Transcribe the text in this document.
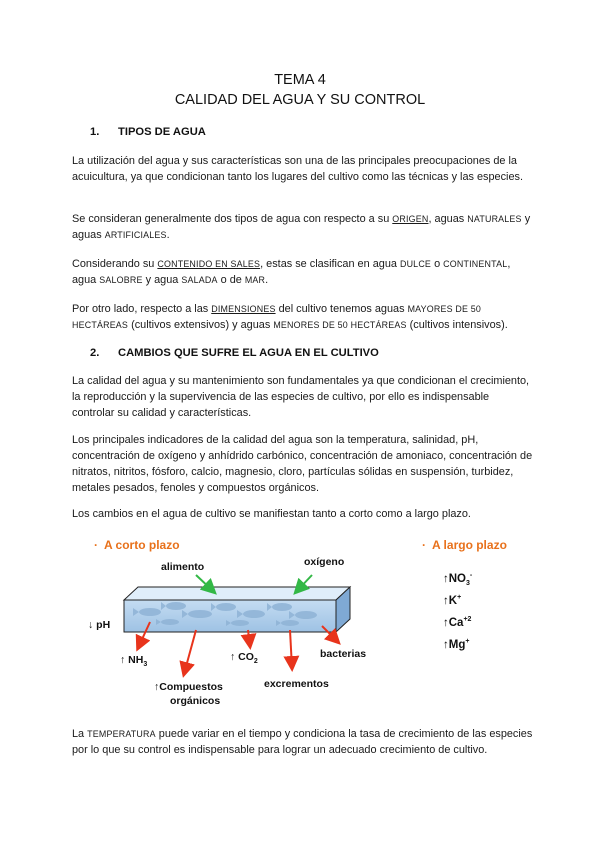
TEMA 4
CALIDAD DEL AGUA Y SU CONTROL
1. TIPOS DE AGUA
La utilización del agua y sus características son una de las principales preocupaciones de la acuicultura, ya que condicionan tanto los lugares del cultivo como las técnicas y las especies.
Se consideran generalmente dos tipos de agua con respecto a su ORIGEN, aguas NATURALES y aguas ARTIFICIALES.
Considerando su CONTENIDO EN SALES, estas se clasifican en agua DULCE o CONTINENTAL, agua SALOBRE y agua SALADA o de MAR.
Por otro lado, respecto a las DIMENSIONES del cultivo tenemos aguas MAYORES DE 50 HECTÁREAS (cultivos extensivos) y aguas MENORES DE 50 HECTÁREAS (cultivos intensivos).
2. CAMBIOS QUE SUFRE EL AGUA EN EL CULTIVO
La calidad del agua y su mantenimiento son fundamentales ya que condicionan el crecimiento, la reproducción y la supervivencia de las especies de cultivo, por ello es indispensable controlar su calidad y características.
Los principales indicadores de la calidad del agua son la temperatura, salinidad, pH, concentración de oxígeno y anhídrido carbónico, concentración de amoniaco, concentración de nitratos, nitritos, fósforo, calcio, magnesio, cloro, partículas sólidas en suspensión, turbidez, metales pesados, fenoles y compuestos orgánicos.
Los cambios en el agua de cultivo se manifiestan tanto a corto como a largo plazo.
· A corto plazo	· A largo plazo
alimento	oxígeno
↓ pH
↑ $NH_3$
↑ $CO_2$
bacterias
↑Compuestos
orgánicos
excrementos
$↑NO_3^-$
↑K+
$↑Ca^{+2}$
↑Mg+
La TEMPERATURA puede variar en el tiempo y condiciona la tasa de crecimiento de las especies por lo que su control es indispensable para lograr un adecuado crecimiento de cultivo.
